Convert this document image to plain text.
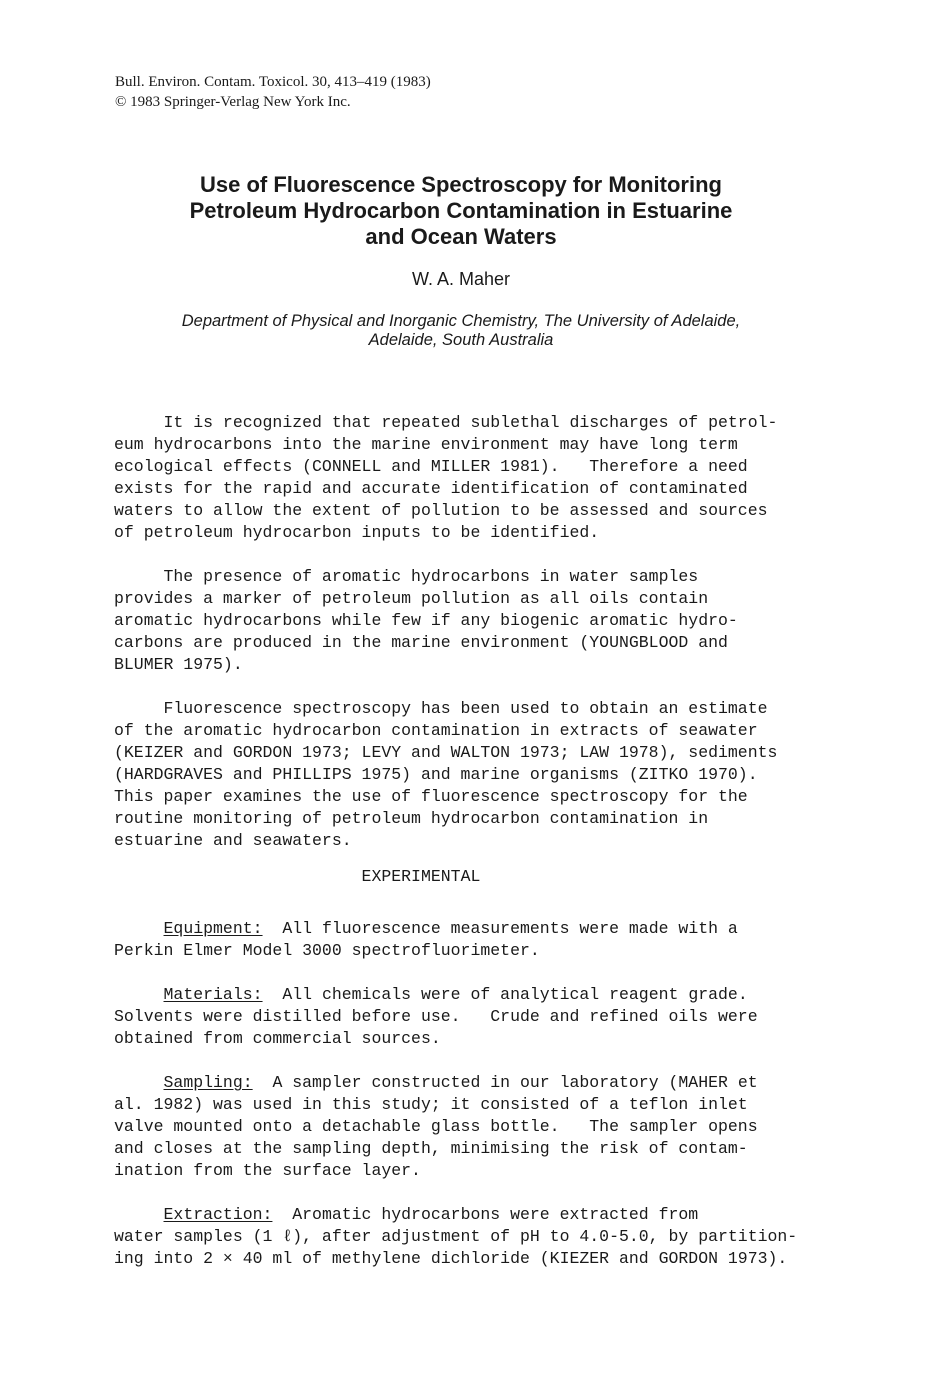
Bull. Environ. Contam. Toxicol. 30, 413–419 (1983)
© 1983 Springer-Verlag New York Inc.
Use of Fluorescence Spectroscopy for Monitoring
Petroleum Hydrocarbon Contamination in Estuarine
and Ocean Waters
W. A. Maher
Department of Physical and Inorganic Chemistry, The University of Adelaide,
Adelaide, South Australia

It is recognized that repeated sublethal discharges of petrol-

eum hydrocarbons into the marine environment may have long term

ecological effects (CONNELL and MILLER 1981).   Therefore a need

exists for the rapid and accurate identification of contaminated

waters to allow the extent of pollution to be assessed and sources

of petroleum hydrocarbon inputs to be identified.

The presence of aromatic hydrocarbons in water samples

provides a marker of petroleum pollution as all oils contain

aromatic hydrocarbons while few if any biogenic aromatic hydro-

carbons are produced in the marine environment (YOUNGBLOOD and

BLUMER 1975).

Fluorescence spectroscopy has been used to obtain an estimate

of the aromatic hydrocarbon contamination in extracts of seawater

(KEIZER and GORDON 1973; LEVY and WALTON 1973; LAW 1978), sediments

(HARDGRAVES and PHILLIPS 1975) and marine organisms (ZITKO 1970).

This paper examines the use of fluorescence spectroscopy for the

routine monitoring of petroleum hydrocarbon contamination in

estuarine and seawaters.

EXPERIMENTAL

Equipment:  All fluorescence measurements were made with a

Perkin Elmer Model 3000 spectrofluorimeter.

Materials:  All chemicals were of analytical reagent grade.

Solvents were distilled before use.   Crude and refined oils were

obtained from commercial sources.

Sampling:  A sampler constructed in our laboratory (MAHER et

al. 1982) was used in this study; it consisted of a teflon inlet

valve mounted onto a detachable glass bottle.   The sampler opens

and closes at the sampling depth, minimising the risk of contam-

ination from the surface layer.

Extraction:  Aromatic hydrocarbons were extracted from

water samples (1 ℓ), after adjustment of pH to 4.0-5.0, by partition-

ing into 2 × 40 ml of methylene dichloride (KIEZER and GORDON 1973).
